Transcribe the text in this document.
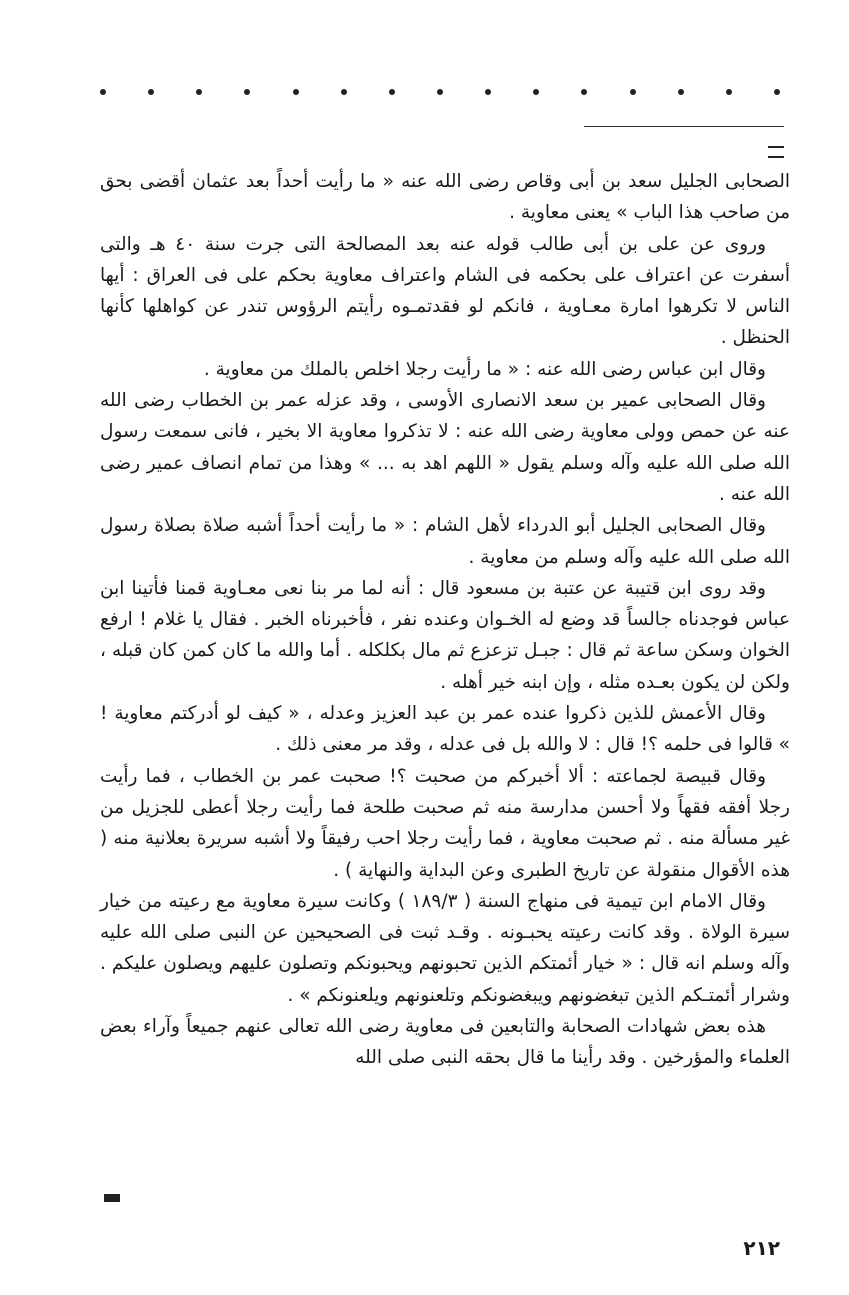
الصحابى الجليل سعد بن أبى وقاص رضى الله عنه « ما رأيت أحداً بعد عثمان أقضى بحق من صاحب هذا الباب » يعنى معاوية .

وروى عن على بن أبى طالب قوله عنه بعد المصالحة التى جرت سنة ٤٠ هـ والتى أسفرت عن اعتراف على بحكمه فى الشام واعتراف معاوية بحكم على فى العراق : أيها الناس لا تكرهوا امارة معـاوية ، فانكم لو فقدتمـوه رأيتم الرؤوس تندر عن كواهلها كأنها الحنظل .

وقال ابن عباس رضى الله عنه : « ما رأيت رجلا اخلص بالملك من معاوية .

وقال الصحابى عمير بن سعد الانصارى الأوسى ، وقد عزله عمر بن الخطاب رضى الله عنه عن حمص وولى معاوية رضى الله عنه : لا تذكروا معاوية الا بخير ، فانى سمعت رسول الله صلى الله عليه وآله وسلم يقول « اللهم اهد به ... » وهذا من تمام انصاف عمير رضى الله عنه .

وقال الصحابى الجليل أبو الدرداء لأهل الشام : « ما رأيت أحداً أشبه صلاة بصلاة رسول الله صلى الله عليه وآله وسلم من معاوية .

وقد روى ابن قتيبة عن عتبة بن مسعود قال : أنه لما مر بنا نعى معـاوية قمنا فأتينا ابن عباس فوجدناه جالساً قد وضع له الخـوان وعنده نفر ، فأخبرناه الخبر . فقال يا غلام ! ارفع الخوان وسكن ساعة ثم قال : جبـل تزعزع ثم مال بكلكله . أما والله ما كان كمن كان قبله ، ولكن لن يكون بعـده مثله ، وإن ابنه خير أهله .

وقال الأعمش للذين ذكروا عنده عمر بن عبد العزيز وعدله ، « كيف لو أدركتم معاوية ! » قالوا فى حلمه ؟! قال : لا والله بل فى عدله ، وقد مر معنى ذلك .

وقال قبيصة لجماعته : ألا أخبركم من صحبت ؟! صحبت عمر بن الخطاب ، فما رأيت رجلا أفقه فقهاً ولا أحسن مدارسة منه ثم صحبت طلحة فما رأيت رجلا أعطى للجزيل من غير مسألة منه . ثم صحبت معاوية ، فما رأيت رجلا احب رفيقاً ولا أشبه سريرة بعلانية منه ( هذه الأقوال منقولة عن تاريخ الطبرى وعن البداية والنهاية ) .

وقال الامام ابن تيمية فى منهاج السنة ( ١٨٩/٣ ) وكانت سيرة معاوية مع رعيته من خيار سيرة الولاة . وقد كانت رعيته يحبـونه . وقـد ثبت فى الصحيحين عن النبى صلى الله عليه وآله وسلم انه قال : « خيار أئمتكم الذين تحبونهم ويحبونكم وتصلون عليهم ويصلون عليكم . وشرار أئمتـكم الذين تبغضونهم ويبغضونكم وتلعنونهم ويلعنونكم » .

هذه بعض شهادات الصحابة والتابعين فى معاوية رضى الله تعالى عنهم جميعاً وآراء بعض العلماء والمؤرخين . وقد رأينا ما قال بحقه النبى صلى الله

٢١٢
